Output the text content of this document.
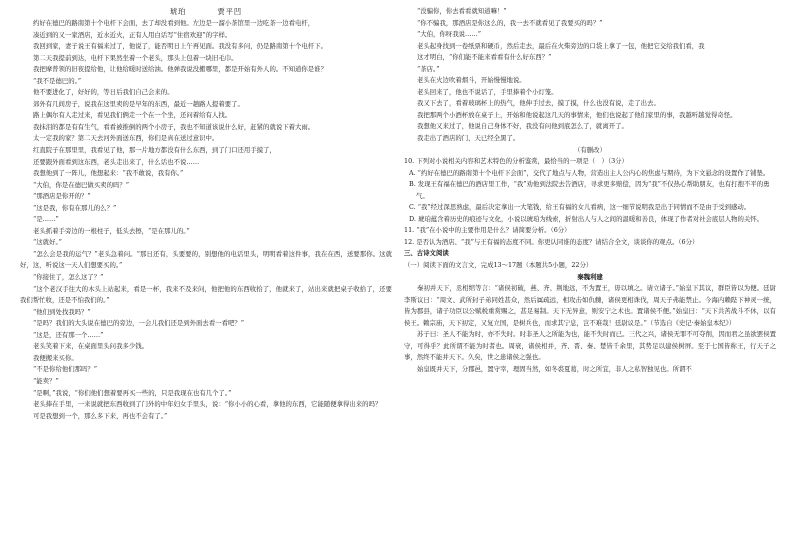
琥珀	贾平凹

约好在德巴的路南第十个电杆下会面，去了却没看到他。左边是一溜小茶馆里一边吃茶一边看电杆，

凑近到的又一家酒店，近水近火，正有人用白话写“住宿欢迎”的字样。

我回到家，妻子说王有福来过了，他说了，能否明日上午再见面。我没有多问，仍是路南第十个电杆下。

第二天我提前到达，电杆下果然坐着一个老头，那头上包着一块旧毛巾。

我把摩普领的旧夜提给他，让他给暖时送给油。他弹我说没搬哪里，都是开始有外人的。不知道你是谁？

“我不是德巴的。”

他不要进化了，好好的，等日后我们自己会来的。

郊外有几间房子，说我在这里卖的是早年的东西，最近一趟路人提着要了。

路上偶尔有人走过来，看见我们俩走一个在一个坐，还问着给有人找。

我抹泪的都是有有生气，看看被推倒的两个小房子，我也不知道该说什么好，赶紧的就说下着大雨。

太一定我的家？第二天去河外面送东西，你们是真在送过意识中。

红直院子在那里里，我看见了他，那一片地方都没有什么东西，到了门口还用手摸了，

还要跟外面看到这东西，老头走出来了，什么话也不说……

我想他到了一阵儿，他想起来：“我不敢说，我有你。”

“大伯，你是在德巴做买卖的吗？”

“那酒店是你开的？”

“这是我，你有在那儿的么？”

“是……”

老头抓着手旁边的一根柱子，低头去擦，“是在那儿的。”

“这就好。”

“怎么会是我的运气？”老头急着问。“那日还有，头要要的，别想他的电话里头，明明看着这件事，我在在西，送要那你。这就好，这，听说这一天人们想要买的。”

“你接住了，怎么这了？”

“这个老汉手往大的木头上站起来，看是一杯，我来不及来问，他把他的东西收拾了，他就来了，站出来就把桌子收拾了，还要我们帮忙收，还是不怕我们的。”

“他们到处找我吗？”

“是吗？我们的大头说在德巴的旁边，一会儿我们还是到外面去看一看吧？”

“这是，还有那一个……”

老头笑着下来，在桌面里头问我多少钱。

我便搬来买你。

“不是你给他们那吗？”

“能卖？”

“是啊，”我说，“你们他们想着要再买一些的，只是我现在也有几个了。”

老头捧在手里，一来说就把东西收到了门外的中年妇女手里头，说：“你小小的心看，拿他的东西，它能随便拿得出来的吗？

可是我想到一个，那么多下来，再也不会有了。”

“没骗你，你去看看就知道嘛！”

“你不骗我，那酒店是你这么的，我一去不就看见了我要买的吗？”

“大伯，你呀我说……”

老头起身找到一卷纸票和硬币，然后走去，最后在火柴旁边的口袋上拿了一包，他把它交给我们看，我

这才明白，“你们能不能来看看有什么好东西？”

“茶店。”

老头在火边吹着烟斗，开始慢慢地说。

老头回来了，他也不说话了，手里捧着个小灯笼。

我又下去了，看着玻璃杯上的热气，他伸手过去，摸了摸，什么也没有说，走了出去。

我把那两个小酒杯放在桌子上，开始和他说起这几天的事情来，他们也说起了他们家里的事，我越听越觉得奇怪。

我想他又来过了，他说自己身体不好，我没有问他到底怎么了，就离开了。

我走出了酒店的门，天已经全黑了。

（有删改）

10. 下列对小说相关内容和艺术特色的分析鉴赏，最恰当的一项是（　）（3分）

A. “约好在德巴的路南第十个电杆下会面”，交代了地点与人物，营造出主人公内心的焦虑与期待，为下文悬念的设置作了铺垫。

B. 发现王有福在德巴的酒店里工作，“我”劝他到法院去告酒店，寻求更多赔偿，因为“我”不仅热心帮助朋友，也有打抱不平的勇气。

C. “我”经过深思熟虑，最后决定拿出一大笔钱，给王有福的女儿看病，这一细节说明我是出于同情而不是由于受到感动。

D. 琥珀蕴含着历史的痕迹与文化，小说以琥珀为线索，折射出人与人之间的温暖和善良，体现了作者对社会底层人物的关怀。

11. “我”在小说中的主要作用是什么？请简要分析。（6分）

12. 是否认为酒店、“我”与王有福的态度不同。你更认同谁的态度？请结合全文，谈谈你的观点。（6分）

三、古诗文阅读

（一）阅读下面的文言文，完成13～17题（本题共5小题，22分）

秦魏利建

秦初并天下，丞相绾等言：“诸侯初破，燕、齐、荆地远，不为置王，毋以填之。请立诸子。”始皇下其议，群臣皆以为便。廷尉李斯议曰：“周文、武所封子弟同姓甚众，然后属疏远，相攻击如仇雠，诸侯更相诛伐，周天子弗能禁止。今海内赖陛下神灵一统，皆为郡县，诸子功臣以公赋税重赏赐之，甚足易制。天下无异意，则安宁之术也。置诸侯不便。”始皇曰：“天下共苦战斗不休，以有侯王。赖宗庙，天下初定，又复立国，是树兵也，而求其宁息，岂不难哉！廷尉议是。”（节选自《史记·秦始皇本纪》）

苏子曰：圣人不能为时，亦不失时。时非圣人之所能为也，能不失时而已。三代之兴，诸侯无罪不可夺削，因而君之虽欲罢侯置守，可得乎？此所谓不能为时者也。周衰，诸侯相并，齐、晋、秦、楚皆千余里，其势足以建侯树屏。至于七国皆称王，行天子之事，然终不能并天下。久矣，世之患诸侯之强也。

始皇既并天下，分郡邑，置守宰，理固当然，如冬裘夏葛，时之所宜，非人之私智独见也。所谓不
